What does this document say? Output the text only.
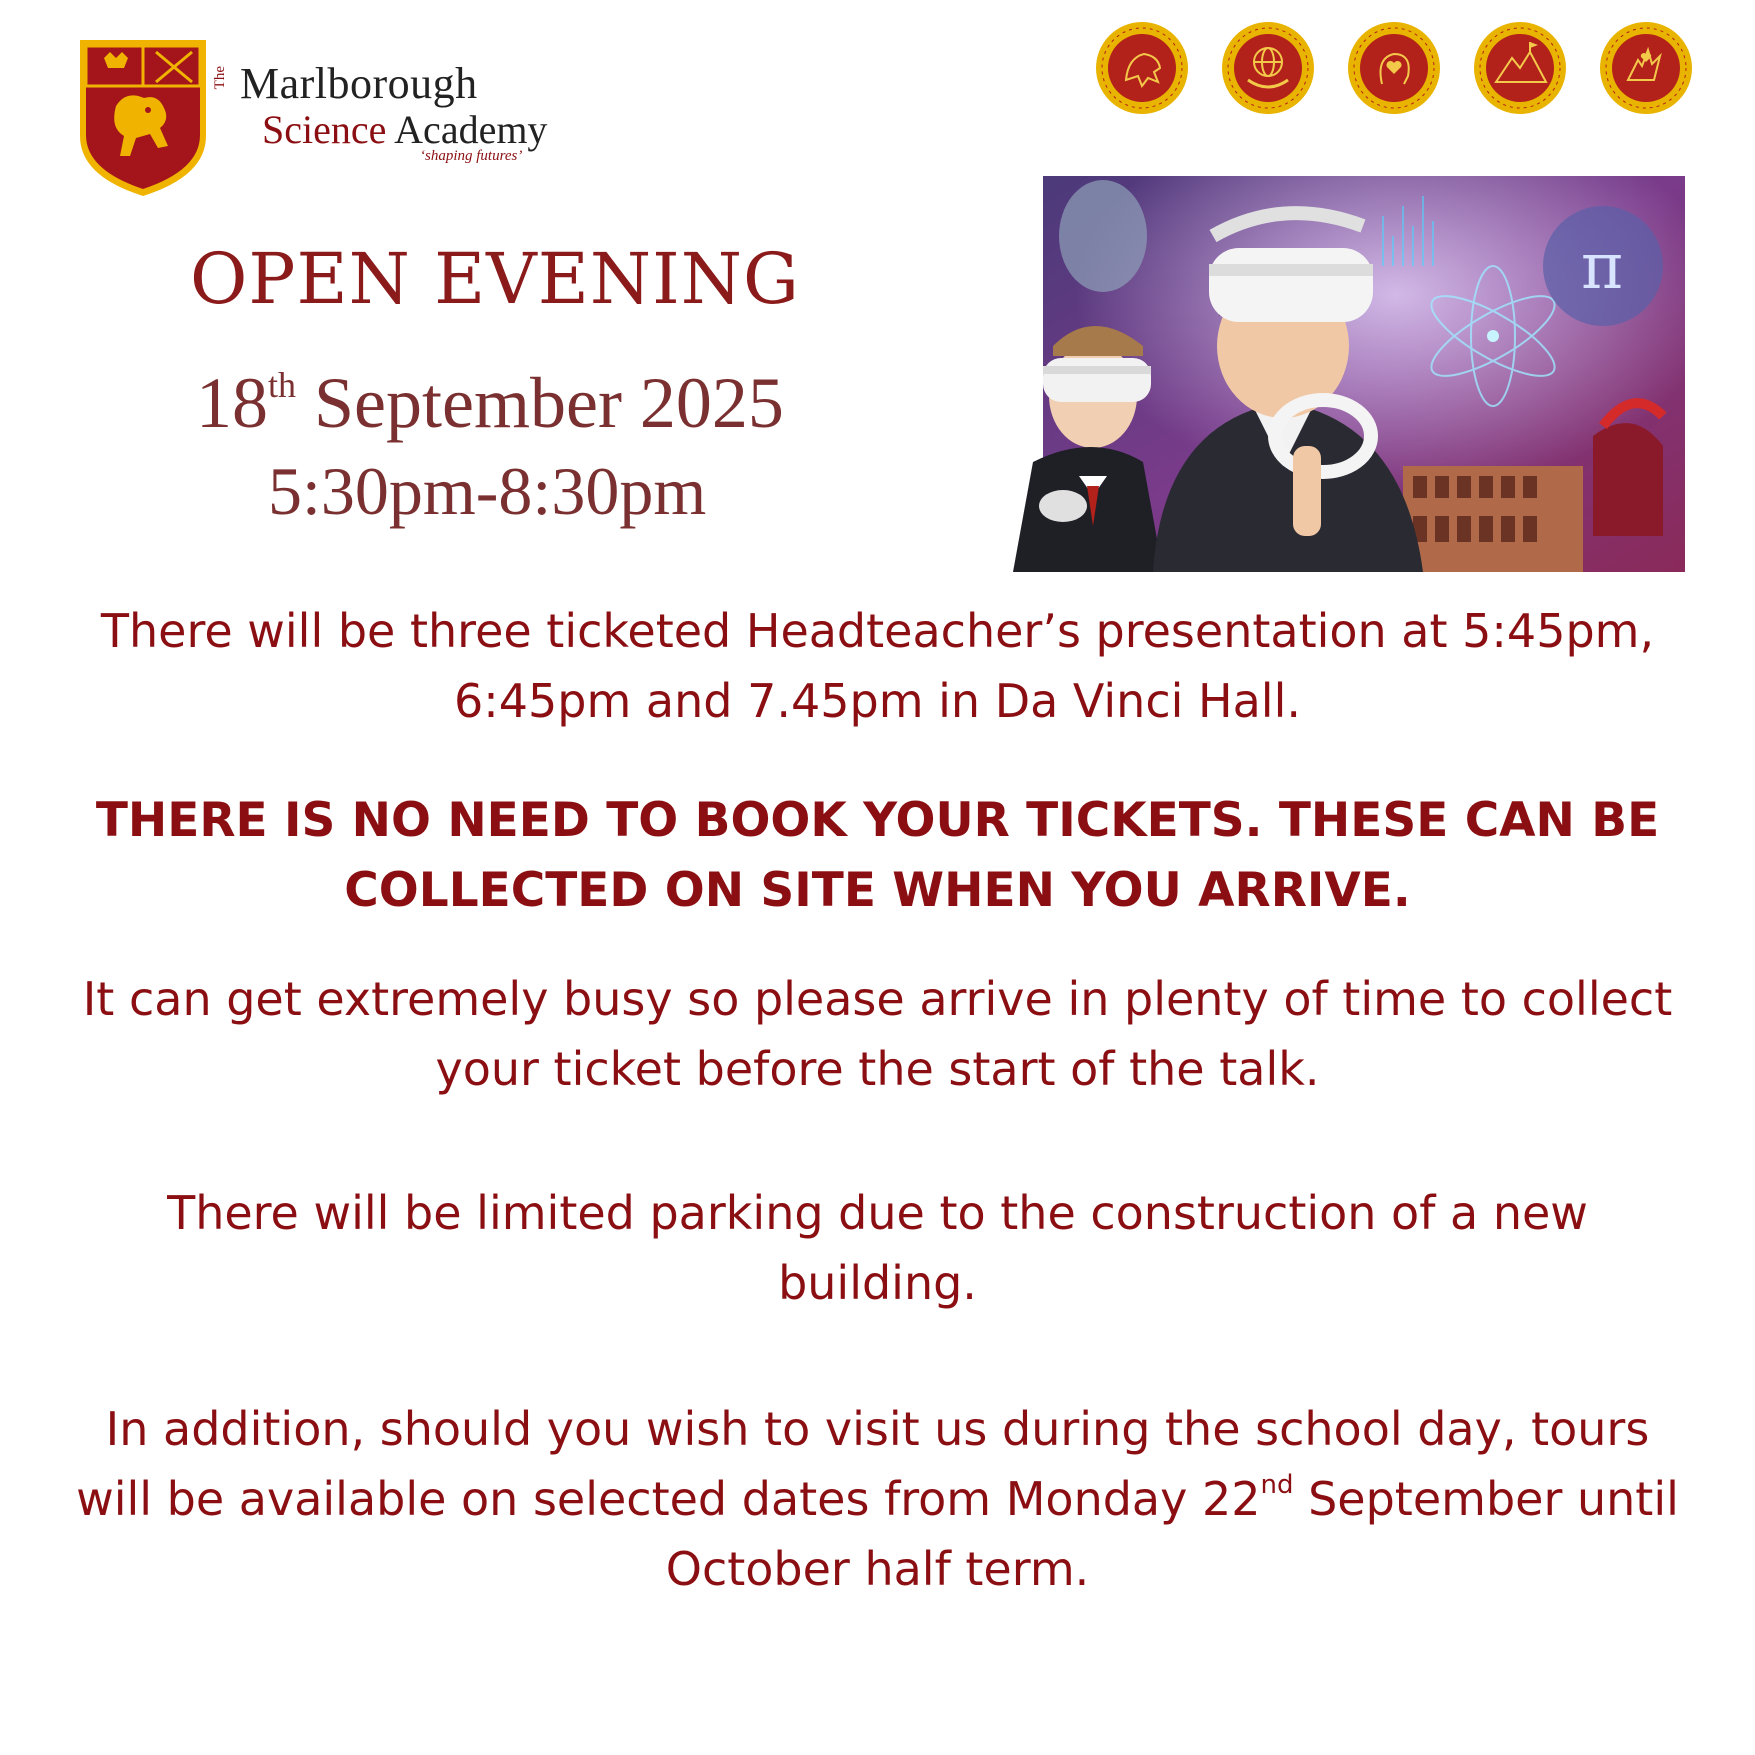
The Marlborough
Science Academy
‘shaping futures’
OPEN EVENING
18th September 2025
5:30pm-8:30pm
π
There will be three ticketed Headteacher’s presentation at 5:45pm,
6:45pm and 7.45pm in Da Vinci Hall.
THERE IS NO NEED TO BOOK YOUR TICKETS. THESE CAN BE
COLLECTED ON SITE WHEN YOU ARRIVE.
It can get extremely busy so please arrive in plenty of time to collect
your ticket before the start of the talk.
There will be limited parking due to the construction of a new
building.
In addition, should you wish to visit us during the school day, tours
will be available on selected dates from Monday 22nd September until
October half term.
